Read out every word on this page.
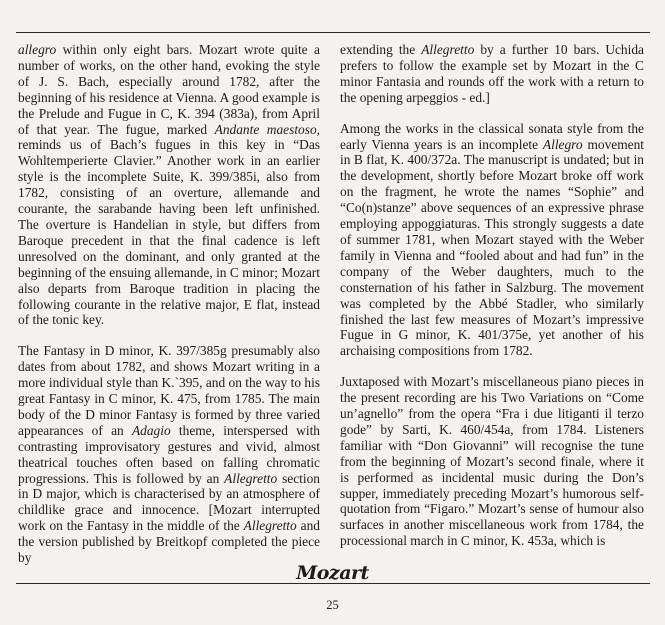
allegro within only eight bars. Mozart wrote quite a number of works, on the other hand, evoking the style of J. S. Bach, especially around 1782, after the beginning of his residence at Vienna. A good example is the Prelude and Fugue in C, K. 394 (383a), from April of that year. The fugue, marked Andante maestoso, reminds us of Bach’s fugues in this key in “Das Wohltemperierte Clavier.” Another work in an earlier style is the incomplete Suite, K. 399/385i, also from 1782, consisting of an overture, allemande and courante, the sarabande having been left unfinished. The overture is Handelian in style, but differs from Baroque precedent in that the final cadence is left unresolved on the dominant, and only granted at the beginning of the ensuing allemande, in C minor; Mozart also departs from Baroque tradition in placing the following courante in the relative major, E flat, instead of the tonic key.

The Fantasy in D minor, K. 397/385g presumably also dates from about 1782, and shows Mozart writing in a more individual style than K.`395, and on the way to his great Fantasy in C minor, K. 475, from 1785. The main body of the D minor Fantasy is formed by three varied appearances of an Adagio theme, interspersed with contrasting improvisatory gestures and vivid, almost theatrical touches often based on falling chromatic progressions. This is followed by an Allegretto section in D major, which is characterised by an atmosphere of childlike grace and innocence. [Mozart interrupted work on the Fantasy in the middle of the Allegretto and the version published by Breitkopf completed the piece by

extending the Allegretto by a further 10 bars. Uchida prefers to follow the example set by Mozart in the C minor Fantasia and rounds off the work with a return to the opening arpeggios - ed.]

Among the works in the classical sonata style from the early Vienna years is an incomplete Allegro movement in B flat, K. 400/372a. The manuscript is undated; but in the development, shortly before Mozart broke off work on the fragment, he wrote the names “Sophie” and “Co(n)stanze” above sequences of an expressive phrase employing appoggiaturas. This strongly suggests a date of summer 1781, when Mozart stayed with the Weber family in Vienna and “fooled about and had fun” in the company of the Weber daughters, much to the consternation of his father in Salzburg. The movement was completed by the Abbé Stadler, who similarly finished the last few measures of Mozart’s impressive Fugue in G minor, K. 401/375e, yet another of his archaising compositions from 1782.

Juxtaposed with Mozart’s miscellaneous piano pieces in the present recording are his Two Variations on “Come un’agnello” from the opera “Fra i due litiganti il terzo gode” by Sarti, K. 460/454a, from 1784. Listeners familiar with “Don Giovanni” will recognise the tune from the beginning of Mozart’s second finale, where it is performed as incidental music during the Don’s supper, immediately preceding Mozart’s humorous self-quotation from “Figaro.” Mozart’s sense of humour also surfaces in another miscellaneous work from 1784, the processional march in C minor, K. 453a, which is

Mozart
25
